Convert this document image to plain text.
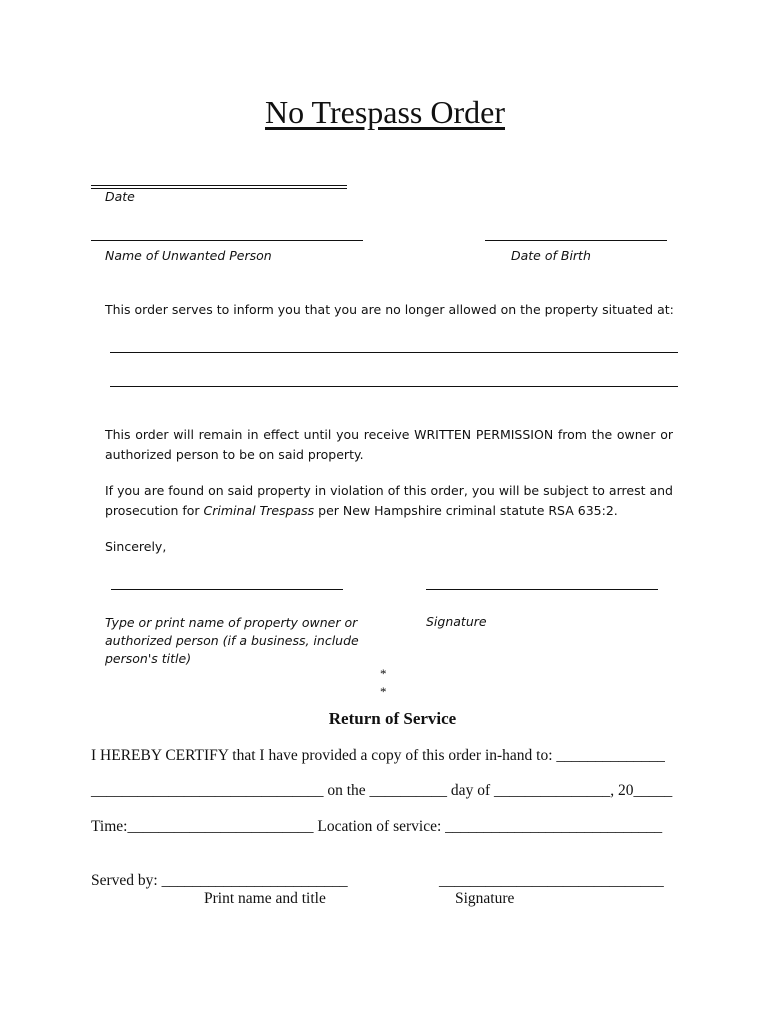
No Trespass Order
Date
Name of Unwanted Person	Date of Birth
This order serves to inform you that you are no longer allowed on the property situated at:
This order will remain in effect until you receive WRITTEN PERMISSION from the owner or authorized person to be on said property.
If you are found on said property in violation of this order, you will be subject to arrest and prosecution for Criminal Trespass per New Hampshire criminal statute RSA 635:2.
Sincerely,
Type or print name of property owner or authorized person (if a business, include person's title)
Signature
*
*
Return of Service
I HEREBY CERTIFY that I have provided a copy of this order in-hand to: ______________
______________________________ on the __________ day of _______________, 20_____
Time:________________________ Location of service: ____________________________
Served by: ________________________	_____________________________
Print name and title	Signature
